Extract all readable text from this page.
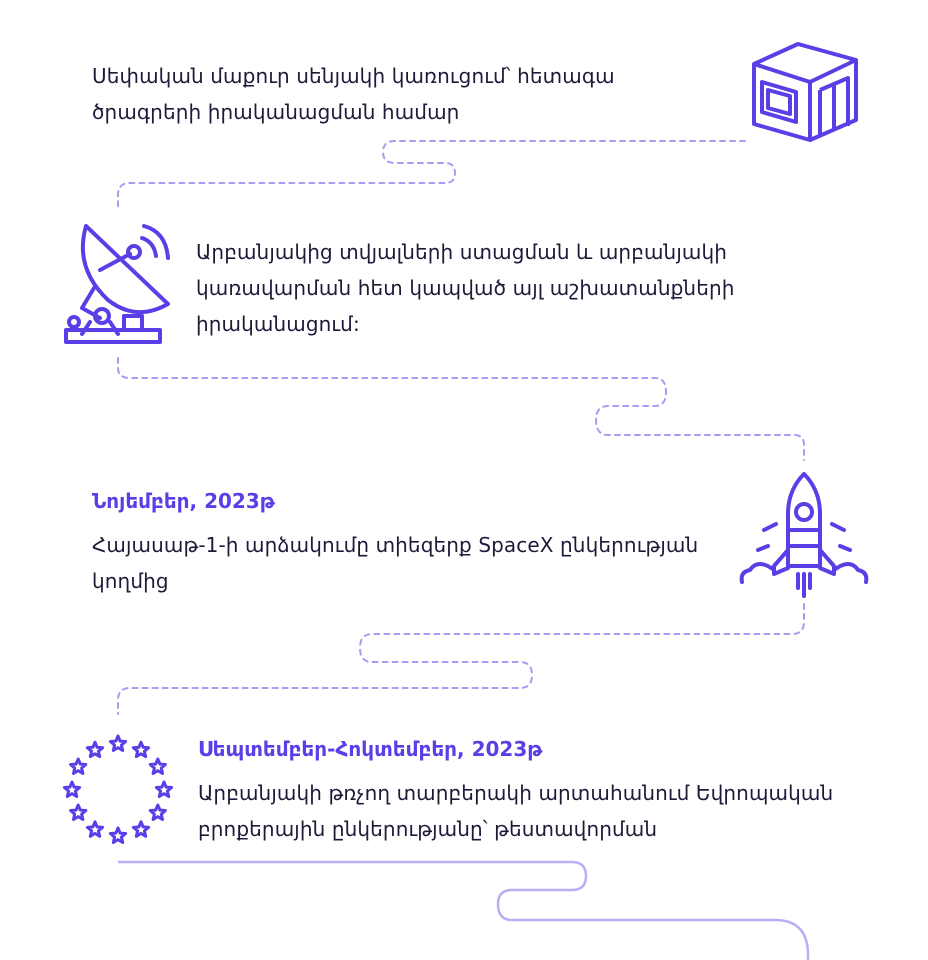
Սեփական մաքուր սենյակի կառուցում՝ հետագա
ծրագրերի իրականացման համար
Արբանյակից տվյալների ստացման և արբանյակի
կառավարման հետ կապված այլ աշխատանքների
իրականացում:
Նոյեմբեր, 2023թ
Հայասաթ-1-ի արձակումը տիեզերք SpaceX ընկերության
կողմից
Սեպտեմբեր-Հոկտեմբեր, 2023թ
Արբանյակի թռչող տարբերակի արտահանում Եվրոպական
բրոքերային ընկերությանը՝ թեստավորման
